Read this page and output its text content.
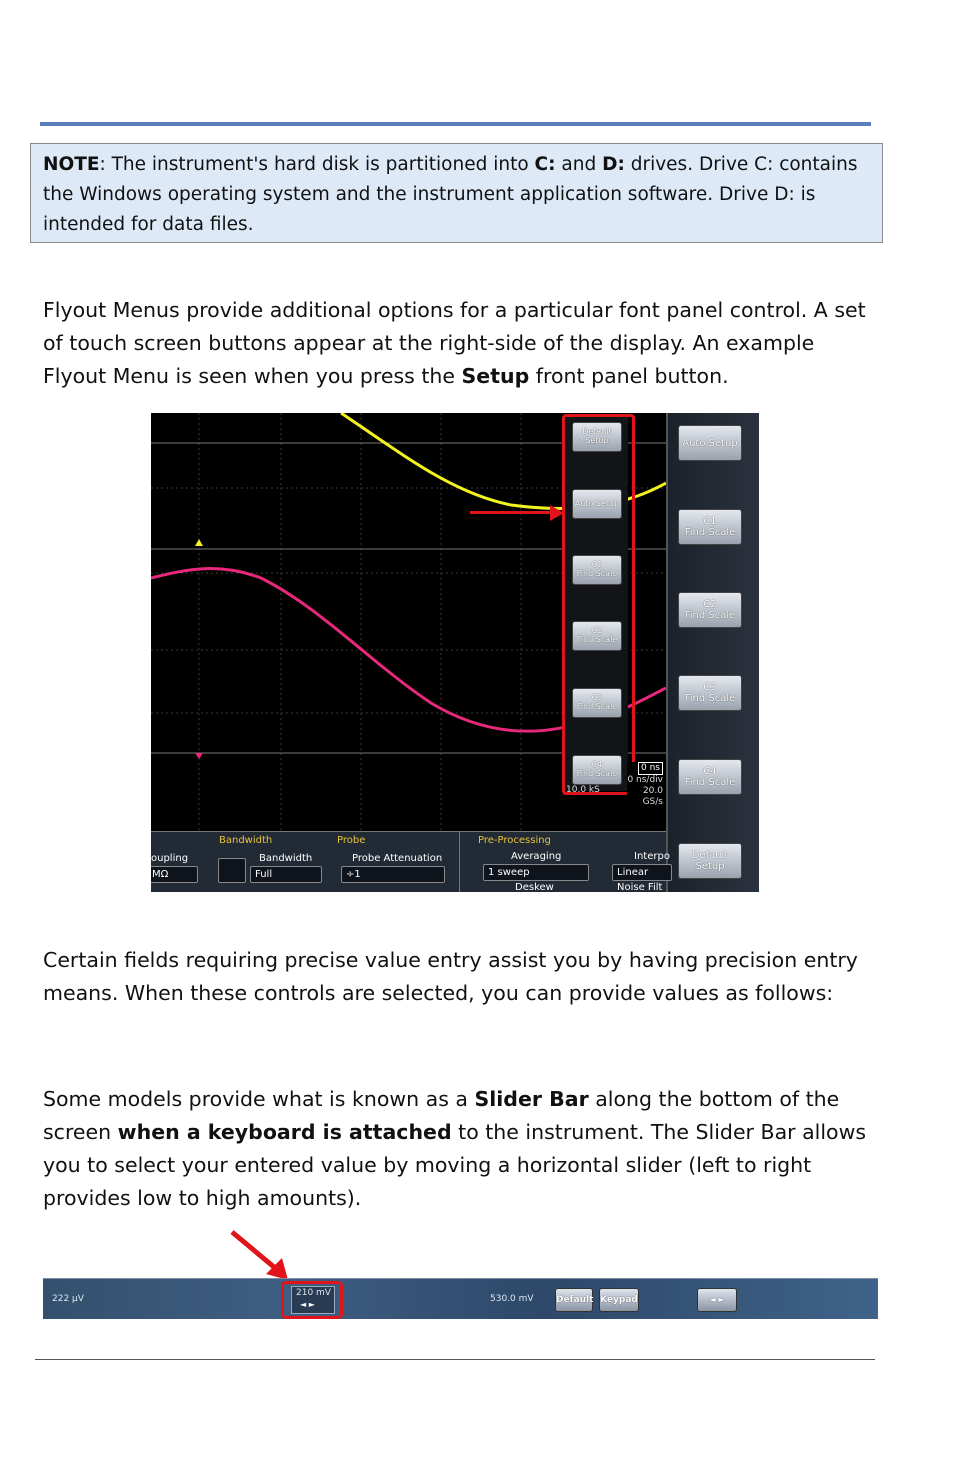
NOTE: The instrument's hard disk is partitioned into C: and D: drives. Drive C: contains the Windows operating system and the instrument application software. Drive D: is intended for data files.
Flyout Menus provide additional options for a particular font panel control. A set of touch screen buttons appear at the right-side of the display. An example Flyout Menu is seen when you press the Setup front panel button.
Default Setup
Auto Setup
C1
Find Scale
C2
Find Scale
C3
Find Scale
C4
Find Scale
0 ns
0 ns/div
20.0 GS/s
10.0 kS
Auto Setup
C1
Find Scale
C2
Find Scale
C3
Find Scale
C4
Find Scale
Default Setup
Bandwidth	Probe	Pre-Processing
oupling
MΩ
Bandwidth
Full
Probe Attenuation
÷1
Averaging
1 sweep
Interpo
Linear
Deskew	Noise Filt
Certain fields requiring precise value entry assist you by having precision entry means. When these controls are selected, you can provide values as follows:
Some models provide what is known as a Slider Bar along the bottom of the screen when a keyboard is attached to the instrument. The Slider Bar allows you to select your entered value by moving a horizontal slider (left to right provides low to high amounts).
222 µV
210 mV
◄ ►
530.0 mV Default Keypad	◄ ►
